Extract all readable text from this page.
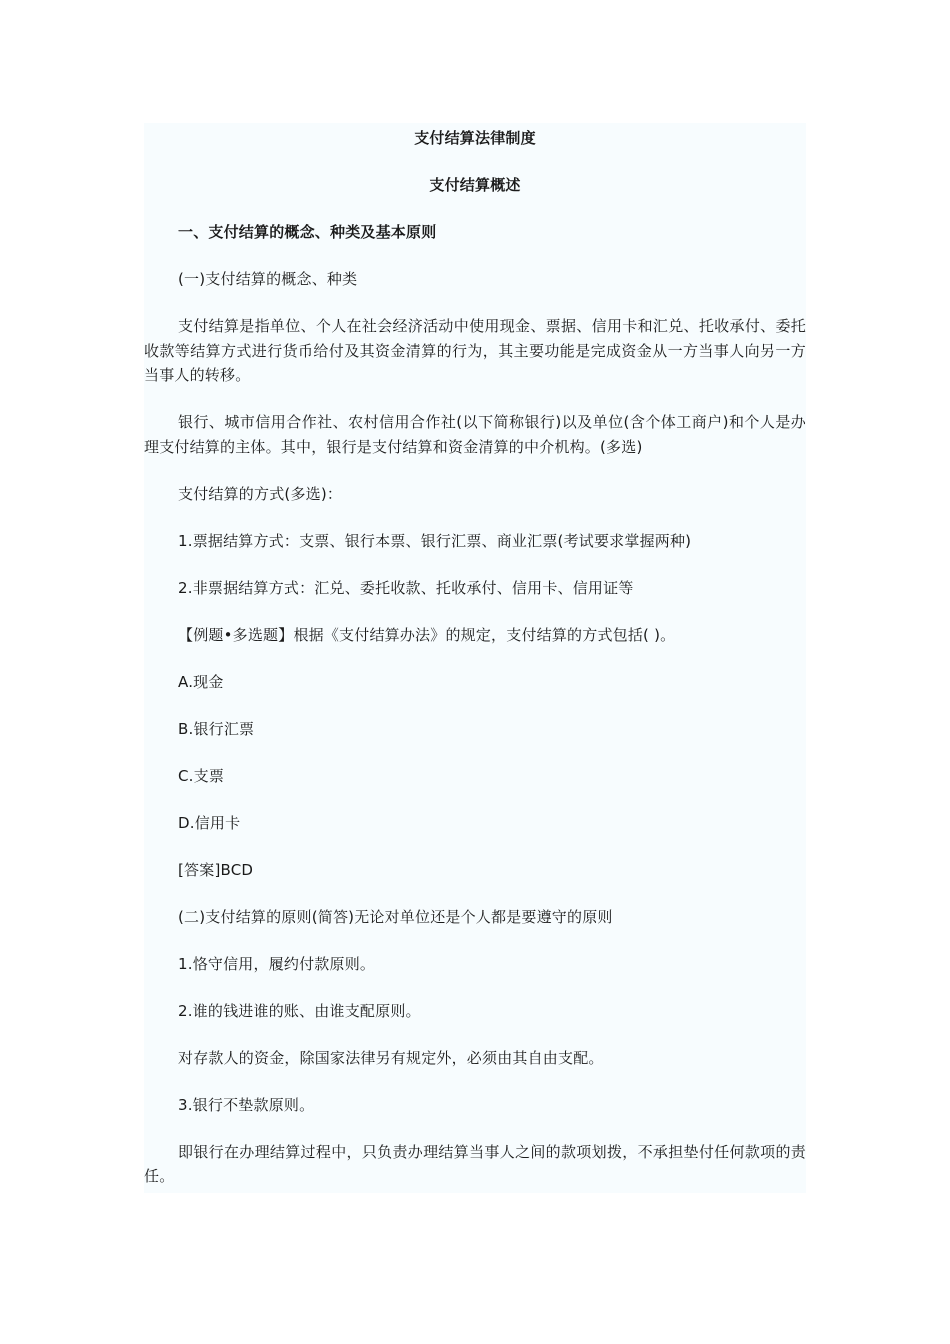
支付结算法律制度

支付结算概述

一、支付结算的概念、种类及基本原则

(一)支付结算的概念、种类

支付结算是指单位、个人在社会经济活动中使用现金、票据、信用卡和汇兑、托收承付、委托收款等结算方式进行货币给付及其资金清算的行为，其主要功能是完成资金从一方当事人向另一方当事人的转移。

银行、城市信用合作社、农村信用合作社(以下简称银行)以及单位(含个体工商户)和个人是办理支付结算的主体。其中，银行是支付结算和资金清算的中介机构。(多选)

支付结算的方式(多选)：

1.票据结算方式：支票、银行本票、银行汇票、商业汇票(考试要求掌握两种)

2.非票据结算方式：汇兑、委托收款、托收承付、信用卡、信用证等

【例题•多选题】根据《支付结算办法》的规定，支付结算的方式包括( )。

A.现金

B.银行汇票

C.支票

D.信用卡

[答案]BCD

(二)支付结算的原则(简答)无论对单位还是个人都是要遵守的原则

1.恪守信用，履约付款原则。

2.谁的钱进谁的账、由谁支配原则。

对存款人的资金，除国家法律另有规定外，必须由其自由支配。

3.银行不垫款原则。

即银行在办理结算过程中，只负责办理结算当事人之间的款项划拨，不承担垫付任何款项的责任。
